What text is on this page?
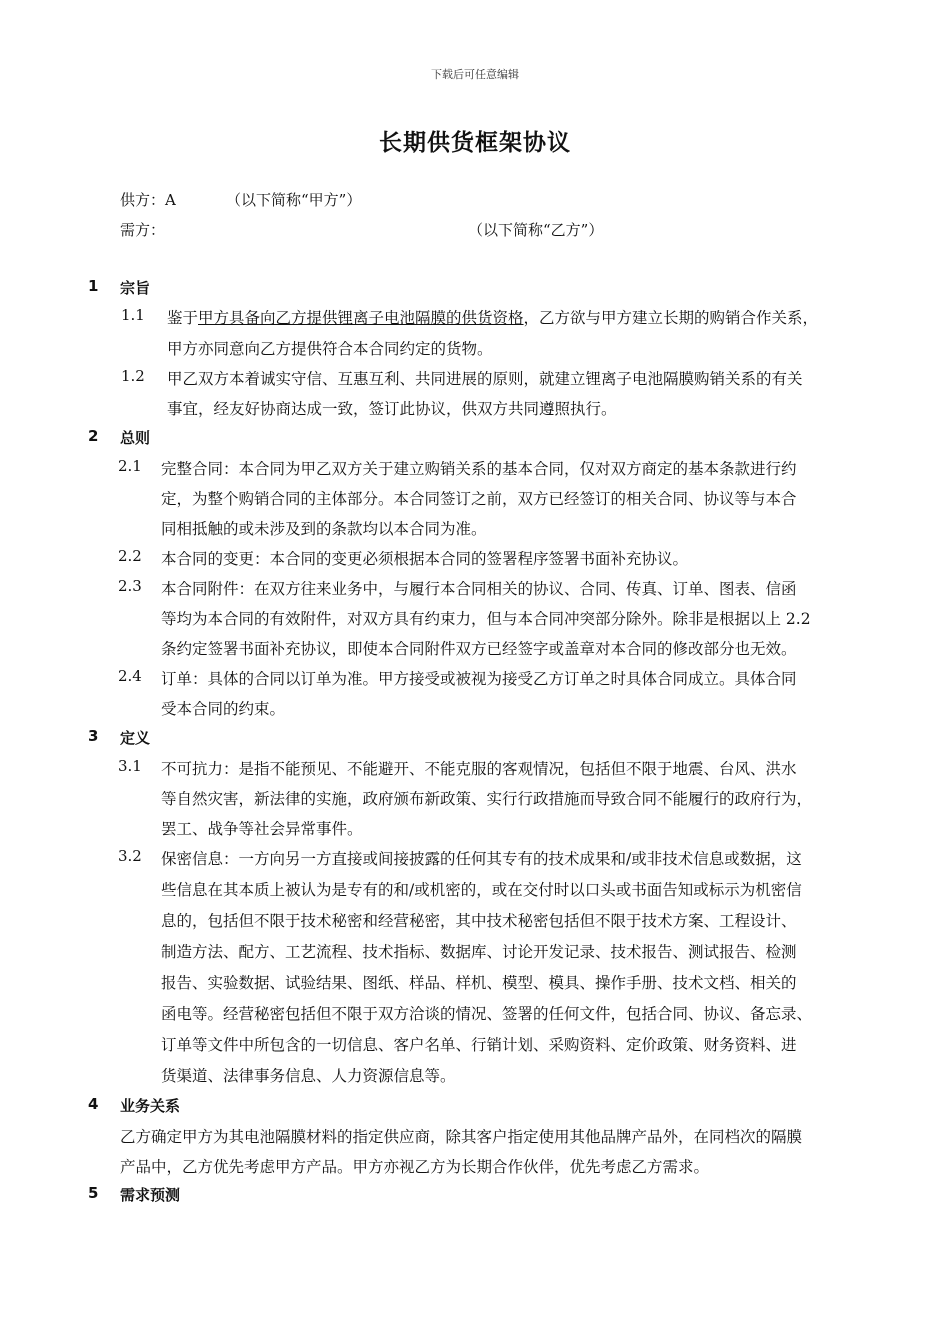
下载后可任意编辑
长期供货框架协议
供方：A	（以下简称“甲方”）
需方：	（以下简称“乙方”）
1 宗旨
1.1 鉴于甲方具备向乙方提供锂离子电池隔膜的供货资格，乙方欲与甲方建立长期的购销合作关系，
甲方亦同意向乙方提供符合本合同约定的货物。
1.2 甲乙双方本着诚实守信、互惠互利、共同进展的原则，就建立锂离子电池隔膜购销关系的有关
事宜，经友好协商达成一致，签订此协议，供双方共同遵照执行。
2 总则
2.1 完整合同：本合同为甲乙双方关于建立购销关系的基本合同，仅对双方商定的基本条款进行约
定，为整个购销合同的主体部分。本合同签订之前，双方已经签订的相关合同、协议等与本合
同相抵触的或未涉及到的条款均以本合同为准。
2.2 本合同的变更：本合同的变更必须根据本合同的签署程序签署书面补充协议。
2.3 本合同附件：在双方往来业务中，与履行本合同相关的协议、合同、传真、订单、图表、信函
等均为本合同的有效附件，对双方具有约束力，但与本合同冲突部分除外。除非是根据以上 2.2
条约定签署书面补充协议，即使本合同附件双方已经签字或盖章对本合同的修改部分也无效。
2.4 订单：具体的合同以订单为准。甲方接受或被视为接受乙方订单之时具体合同成立。具体合同
受本合同的约束。
3 定义
3.1 不可抗力：是指不能预见、不能避开、不能克服的客观情况，包括但不限于地震、台风、洪水
等自然灾害，新法律的实施，政府颁布新政策、实行行政措施而导致合同不能履行的政府行为，
罢工、战争等社会异常事件。
3.2 保密信息：一方向另一方直接或间接披露的任何其专有的技术成果和/或非技术信息或数据，这
些信息在其本质上被认为是专有的和/或机密的，或在交付时以口头或书面告知或标示为机密信
息的，包括但不限于技术秘密和经营秘密，其中技术秘密包括但不限于技术方案、工程设计、
制造方法、配方、工艺流程、技术指标、数据库、讨论开发记录、技术报告、测试报告、检测
报告、实验数据、试验结果、图纸、样品、样机、模型、模具、操作手册、技术文档、相关的
函电等。经营秘密包括但不限于双方洽谈的情况、签署的任何文件，包括合同、协议、备忘录、
订单等文件中所包含的一切信息、客户名单、行销计划、采购资料、定价政策、财务资料、进
货渠道、法律事务信息、人力资源信息等。
4 业务关系
乙方确定甲方为其电池隔膜材料的指定供应商，除其客户指定使用其他品牌产品外，在同档次的隔膜
产品中，乙方优先考虑甲方产品。甲方亦视乙方为长期合作伙伴，优先考虑乙方需求。
5 需求预测
